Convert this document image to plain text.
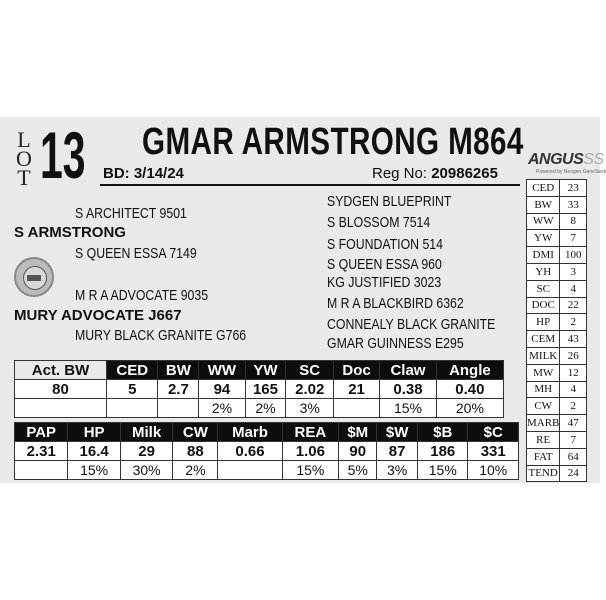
L
O
T 13 GMAR ARMSTRONG M864
BD: 3/14/24	Reg No: 20986265
ANGUSSS
Powered by Neogen GeneSeek
S ARCHITECT 9501
S ARMSTRONG
S QUEEN ESSA 7149
M R A ADVOCATE 9035
MURY ADVOCATE J667
MURY BLACK GRANITE G766
SYDGEN BLUEPRINT
S BLOSSOM 7514
S FOUNDATION 514
S QUEEN ESSA 960
KG JUSTIFIED 3023
M R A BLACKBIRD 6362
CONNEALY BLACK GRANITE
GMAR GUINNESS E295
CED	23
BW	33
WW	8
YW	7
DMI	100
YH	3
SC	4
DOC	22
HP	2
CEM	43
MILK	26
MW	12
MH	4
CW	2
MARB	47
RE	7
FAT	64
TEND	24
Act. BW	CED	BW	WW	YW	SC	Doc	Claw	Angle
80	5	2.7	94	165	2.02	21	0.38	0.40
			2%	2%	3%		15%	20%
PAP	HP	Milk	CW	Marb	REA	$M	$W	$B	$C
2.31	16.4	29	88	0.66	1.06	90	87	186	331
	15%	30%	2%		15%	5%	3%	15%	10%
